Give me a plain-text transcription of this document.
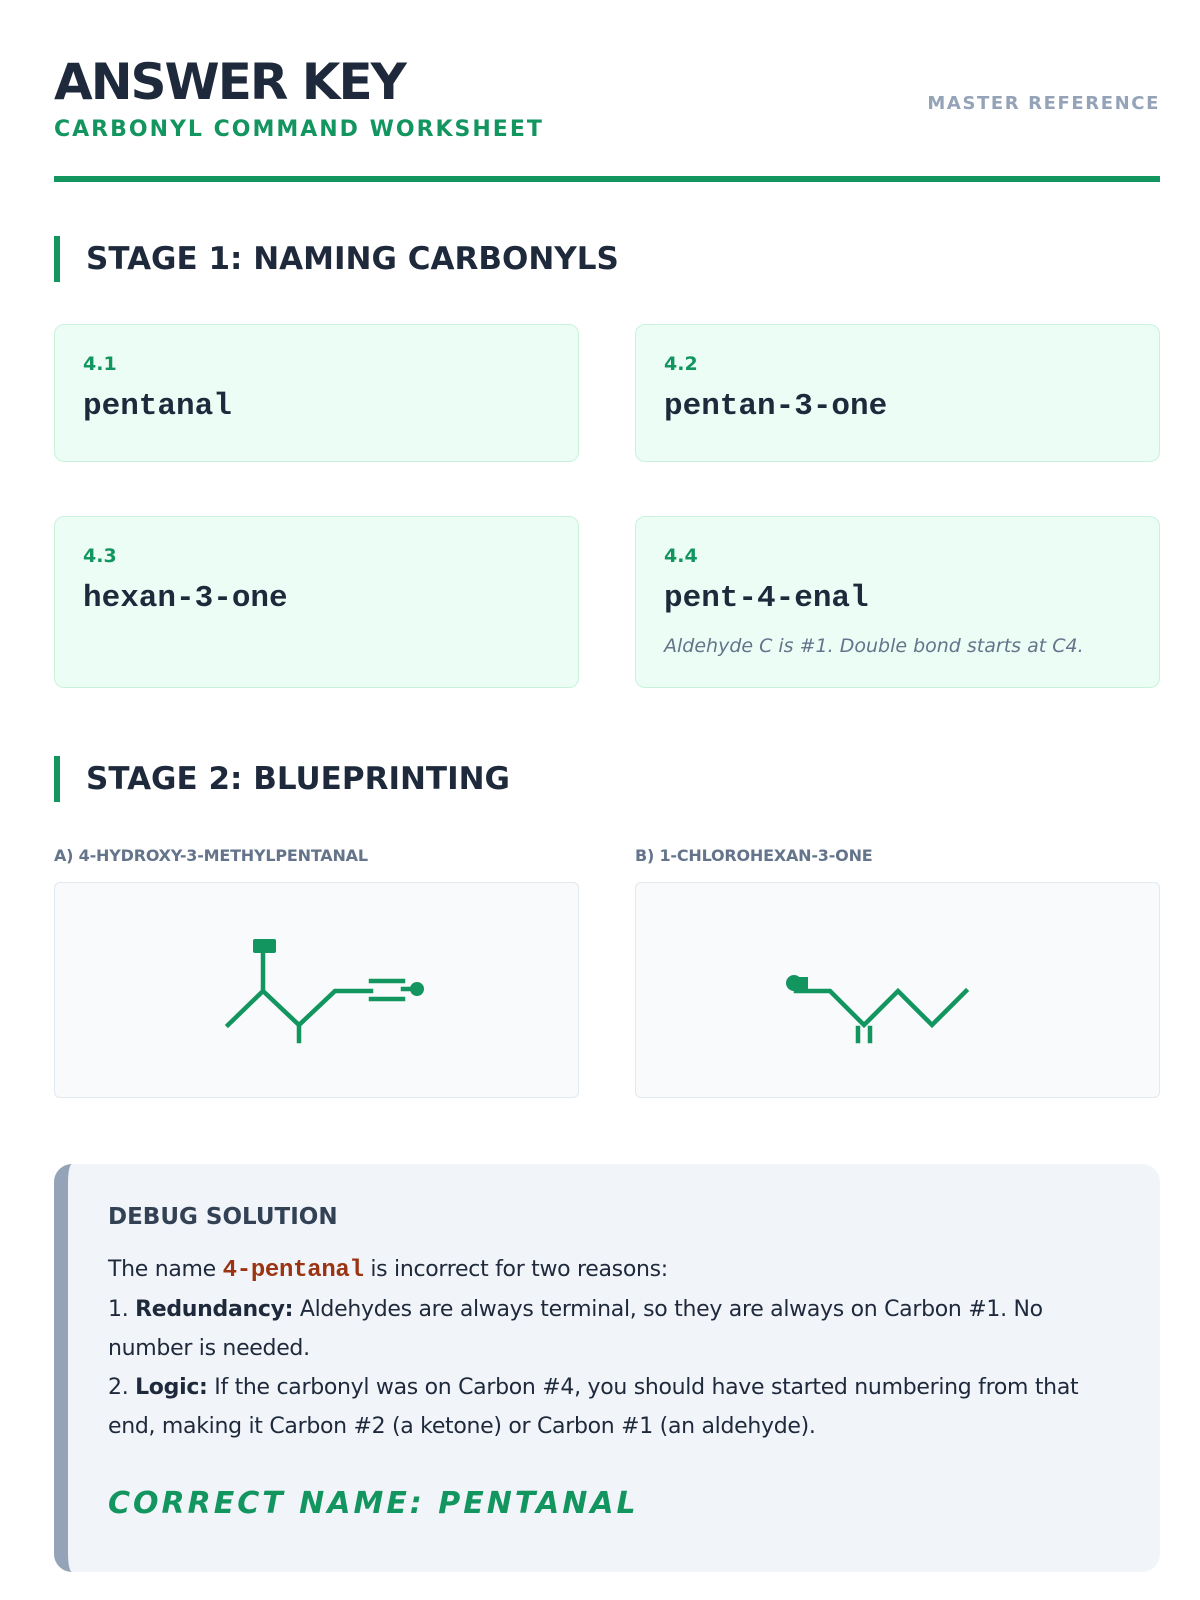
ANSWER KEY
CARBONYL COMMAND WORKSHEET
MASTER REFERENCE
STAGE 1: NAMING CARBONYLS
4.1
pentanal
4.2
pentan-3-one
4.3
hexan-3-one
4.4
pent-4-enal
Aldehyde C is #1. Double bond starts at C4.
STAGE 2: BLUEPRINTING
A) 4-HYDROXY-3-METHYLPENTANAL	B) 1-CHLOROHEXAN-3-ONE
DEBUG SOLUTION

The name 4-pentanal is incorrect for two reasons:

1. Redundancy: Aldehydes are always terminal, so they are always on Carbon #1. No number is needed.

2. Logic: If the carbonyl was on Carbon #4, you should have started numbering from that end, making it Carbon #2 (a ketone) or Carbon #1 (an aldehyde).

CORRECT NAME: PENTANAL
